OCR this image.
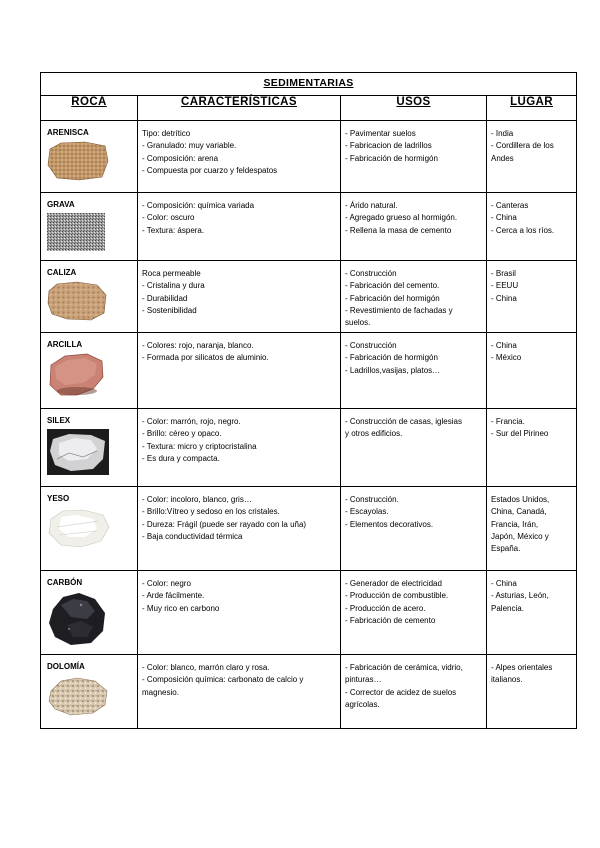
SEDIMENTARIAS			
ROCA	CARACTERÍSTICAS	USOS	LUGAR

ARENISCA	Tipo: detrítico
- Granulado: muy variable.
- Composición: arena
- Compuesta por cuarzo y feldespatos	- Pavimentar suelos
- Fabricacion de ladrillos
- Fabricación de hormigón	- India
- Cordillera de los
Andes

GRAVA	- Composición: química variada
- Color: oscuro
- Textura: áspera.	- Árido natural.
- Agregado grueso al hormigón.
- Rellena la masa de cemento	- Canteras
- China
- Cerca a los ríos.

CALIZA	Roca permeable
- Cristalina y dura
- Durabilidad
- Sostenibilidad	- Construcción
- Fabricación del cemento.
- Fabricación del hormigón
- Revestimiento de fachadas y
suelos.	- Brasil
- EEUU
- China

ARCILLA	- Colores: rojo, naranja, blanco.
- Formada por silicatos de aluminio.	- Construcción
- Fabricación de hormigón
- Ladrillos,vasijas, platos…	- China
- México

SILEX	- Color: marrón, rojo, negro.
- Brillo: céreo y opaco.
- Textura: micro y criptocristalina
- Es dura y compacta.	- Construcción de casas, iglesias
y otros edificios.	- Francia.
- Sur del Pirineo

YESO	- Color: incoloro, blanco, gris…
- Brillo:Vítreo y sedoso en los cristales.
- Dureza: Frágil (puede ser rayado con la uña)
- Baja conductividad térmica	- Construcción.
- Escayolas.
- Elementos decorativos.	Estados Unidos,
China, Canadá,
Francia, Irán,
Japón, México y
España.

CARBÓN	- Color: negro
- Arde fácilmente.
- Muy rico en carbono	- Generador de electricidad
- Producción de combustible.
- Producción de acero.
- Fabricación de cemento	- China
- Asturias, León,
Palencia.

DOLOMÍA	- Color: blanco, marrón claro y rosa.
- Composición química: carbonato de calcio y
magnesio.	- Fabricación de cerámica, vidrio,
pinturas…
- Corrector de acidez de suelos
agrícolas.	- Alpes orientales
italianos.
